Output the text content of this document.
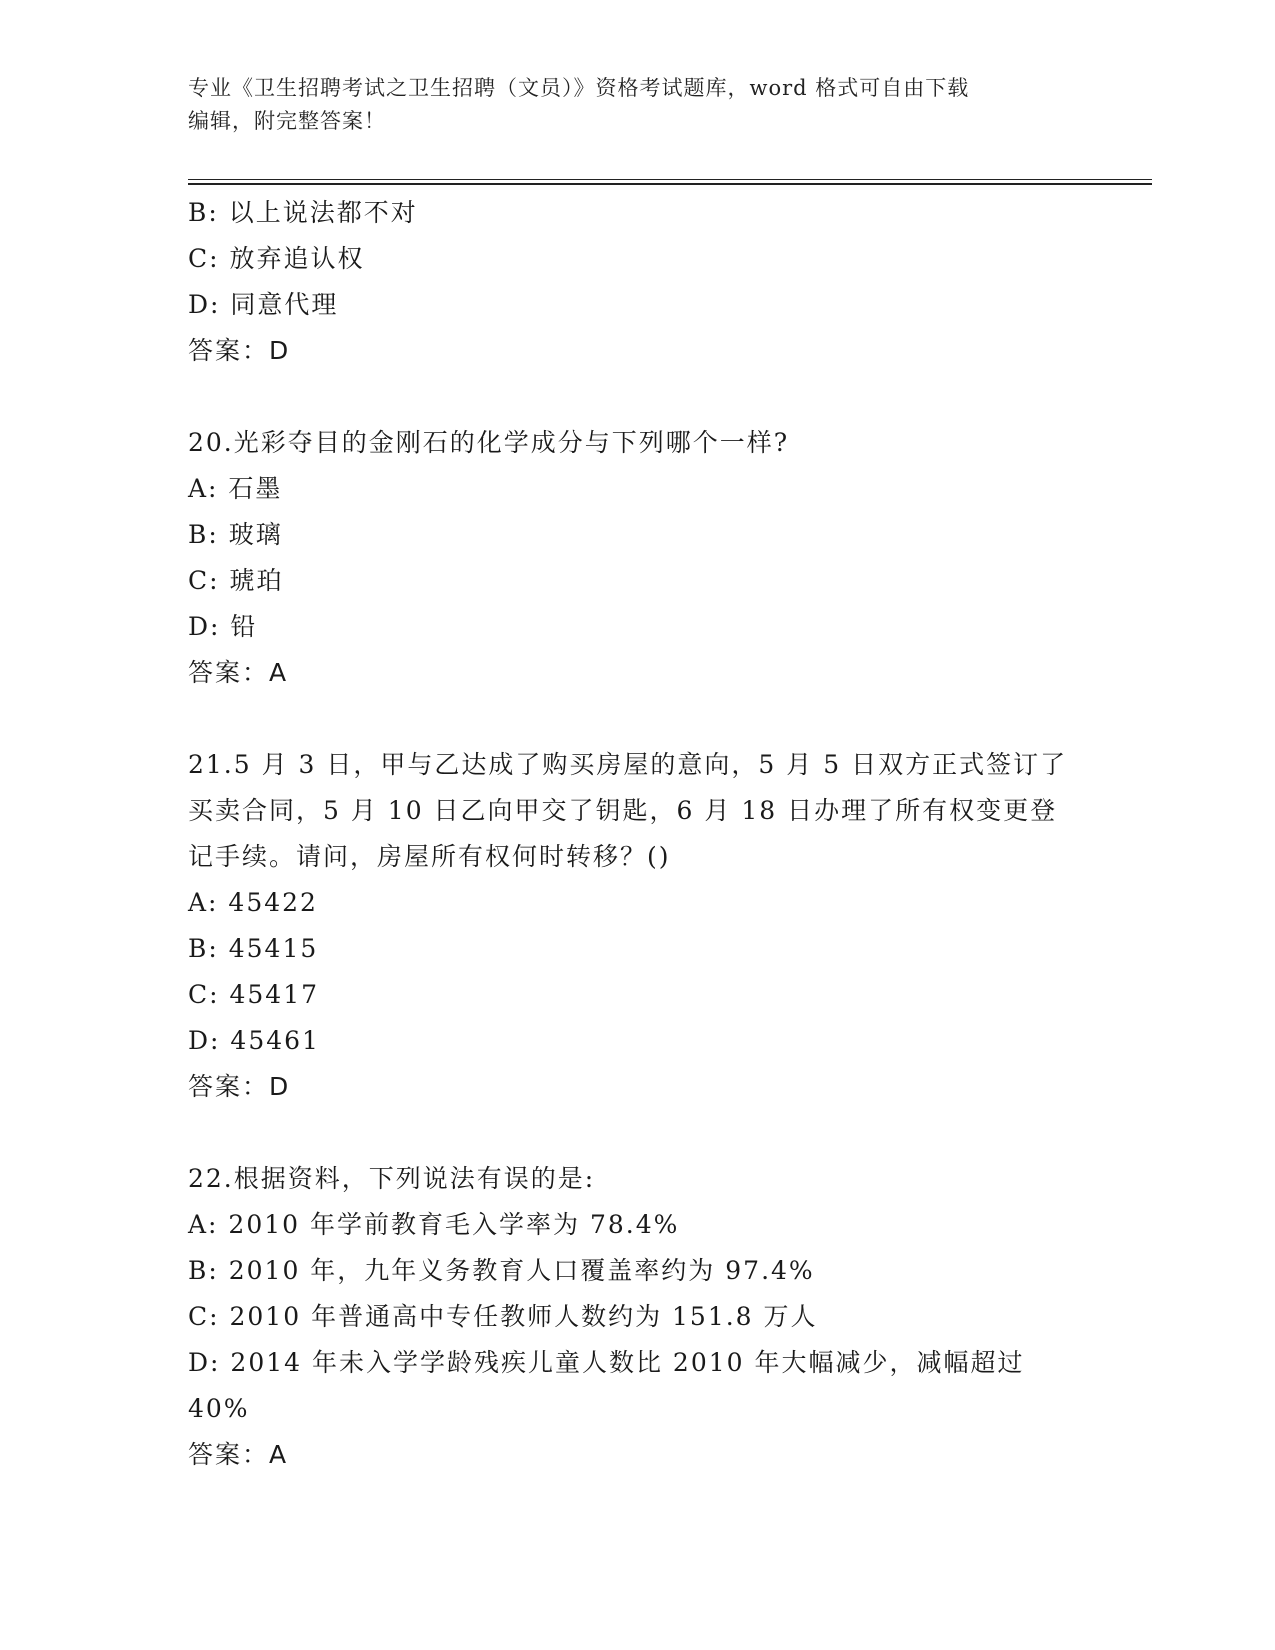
专业《卫生招聘考试之卫生招聘（文员）》资格考试题库，word 格式可自由下载
编辑，附完整答案！
B: 以上说法都不对
C: 放弃追认权
D: 同意代理
答案：D
20.光彩夺目的金刚石的化学成分与下列哪个一样?
A: 石墨
B: 玻璃
C: 琥珀
D: 铅
答案：A
21.5 月 3 日，甲与乙达成了购买房屋的意向，5 月 5 日双方正式签订了买卖合同，5 月 10 日乙向甲交了钥匙，6 月 18 日办理了所有权变更登记手续。请问，房屋所有权何时转移？()
A: 45422
B: 45415
C: 45417
D: 45461
答案：D
22.根据资料，下列说法有误的是:
A: 2010 年学前教育毛入学率为 78.4%
B: 2010 年，九年义务教育人口覆盖率约为 97.4%
C: 2010 年普通高中专任教师人数约为 151.8 万人
D: 2014 年未入学学龄残疾儿童人数比 2010 年大幅减少，减幅超过 40%
答案：A
